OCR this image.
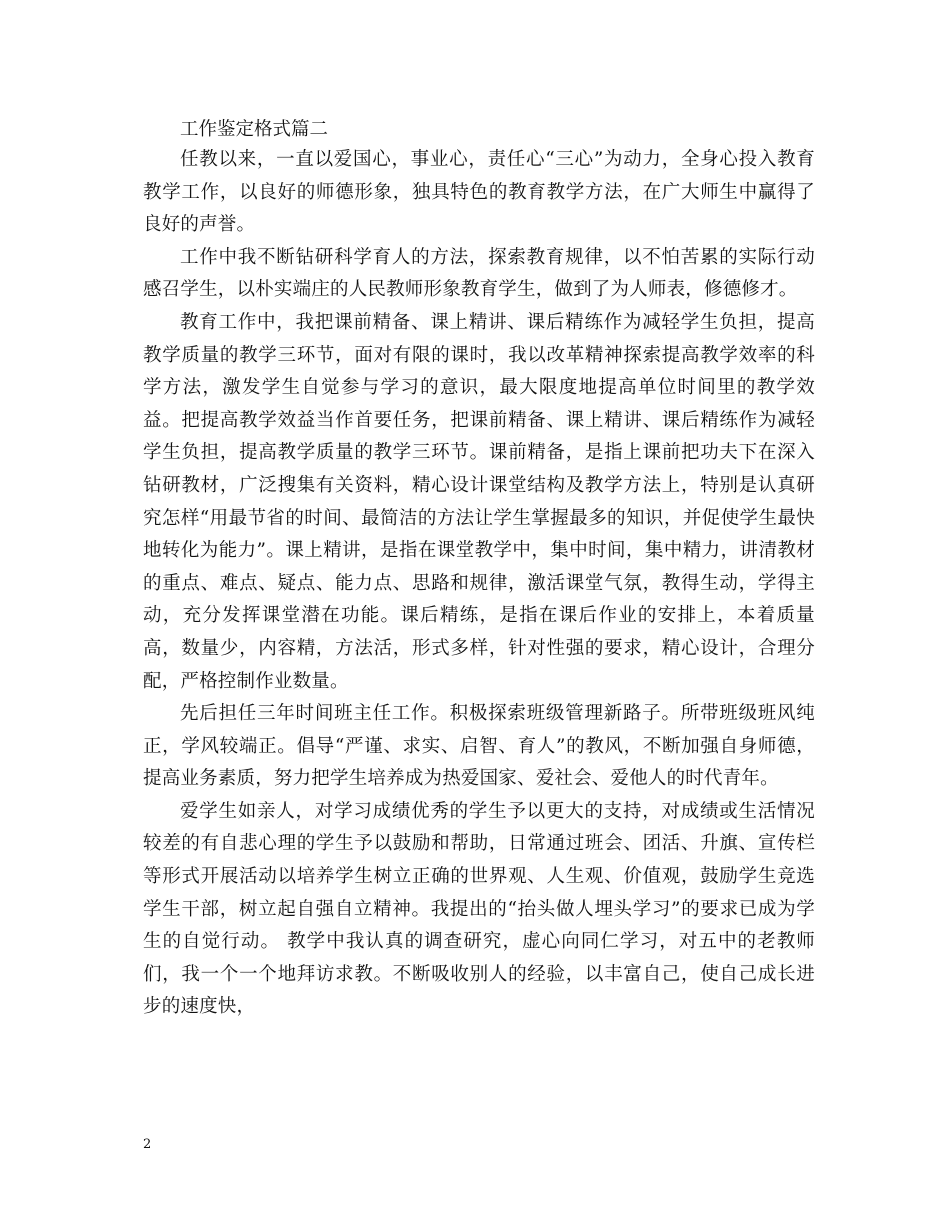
工作鉴定格式篇二

任教以来，一直以爱国心，事业心，责任心“三心”为动力，全身心投入教育教学工作，以良好的师德形象，独具特色的教育教学方法，在广大师生中赢得了良好的声誉。

工作中我不断钻研科学育人的方法，探索教育规律，以不怕苦累的实际行动感召学生，以朴实端庄的人民教师形象教育学生，做到了为人师表，修德修才。

教育工作中，我把课前精备、课上精讲、课后精练作为减轻学生负担，提高教学质量的教学三环节，面对有限的课时，我以改革精神探索提高教学效率的科学方法，激发学生自觉参与学习的意识，最大限度地提高单位时间里的教学效益。把提高教学效益当作首要任务，把课前精备、课上精讲、课后精练作为减轻学生负担，提高教学质量的教学三环节。课前精备，是指上课前把功夫下在深入钻研教材，广泛搜集有关资料，精心设计课堂结构及教学方法上，特别是认真研究怎样“用最节省的时间、最简洁的方法让学生掌握最多的知识，并促使学生最快地转化为能力”。课上精讲，是指在课堂教学中，集中时间，集中精力，讲清教材的重点、难点、疑点、能力点、思路和规律，激活课堂气氛，教得生动，学得主动，充分发挥课堂潜在功能。课后精练，是指在课后作业的安排上，本着质量高，数量少，内容精，方法活，形式多样，针对性强的要求，精心设计，合理分配，严格控制作业数量。

先后担任三年时间班主任工作。积极探索班级管理新路子。所带班级班风纯正，学风较端正。倡导“严谨、求实、启智、育人”的教风，不断加强自身师德，提高业务素质，努力把学生培养成为热爱国家、爱社会、爱他人的时代青年。

爱学生如亲人，对学习成绩优秀的学生予以更大的支持，对成绩或生活情况较差的有自悲心理的学生予以鼓励和帮助，日常通过班会、团活、升旗、宣传栏等形式开展活动以培养学生树立正确的世界观、人生观、价值观，鼓励学生竞选学生干部，树立起自强自立精神。我提出的“抬头做人埋头学习”的要求已成为学生的自觉行动。 教学中我认真的调查研究，虚心向同仁学习，对五中的老教师们，我一个一个地拜访求教。不断吸收别人的经验，以丰富自己，使自己成长进步的速度快，

2
